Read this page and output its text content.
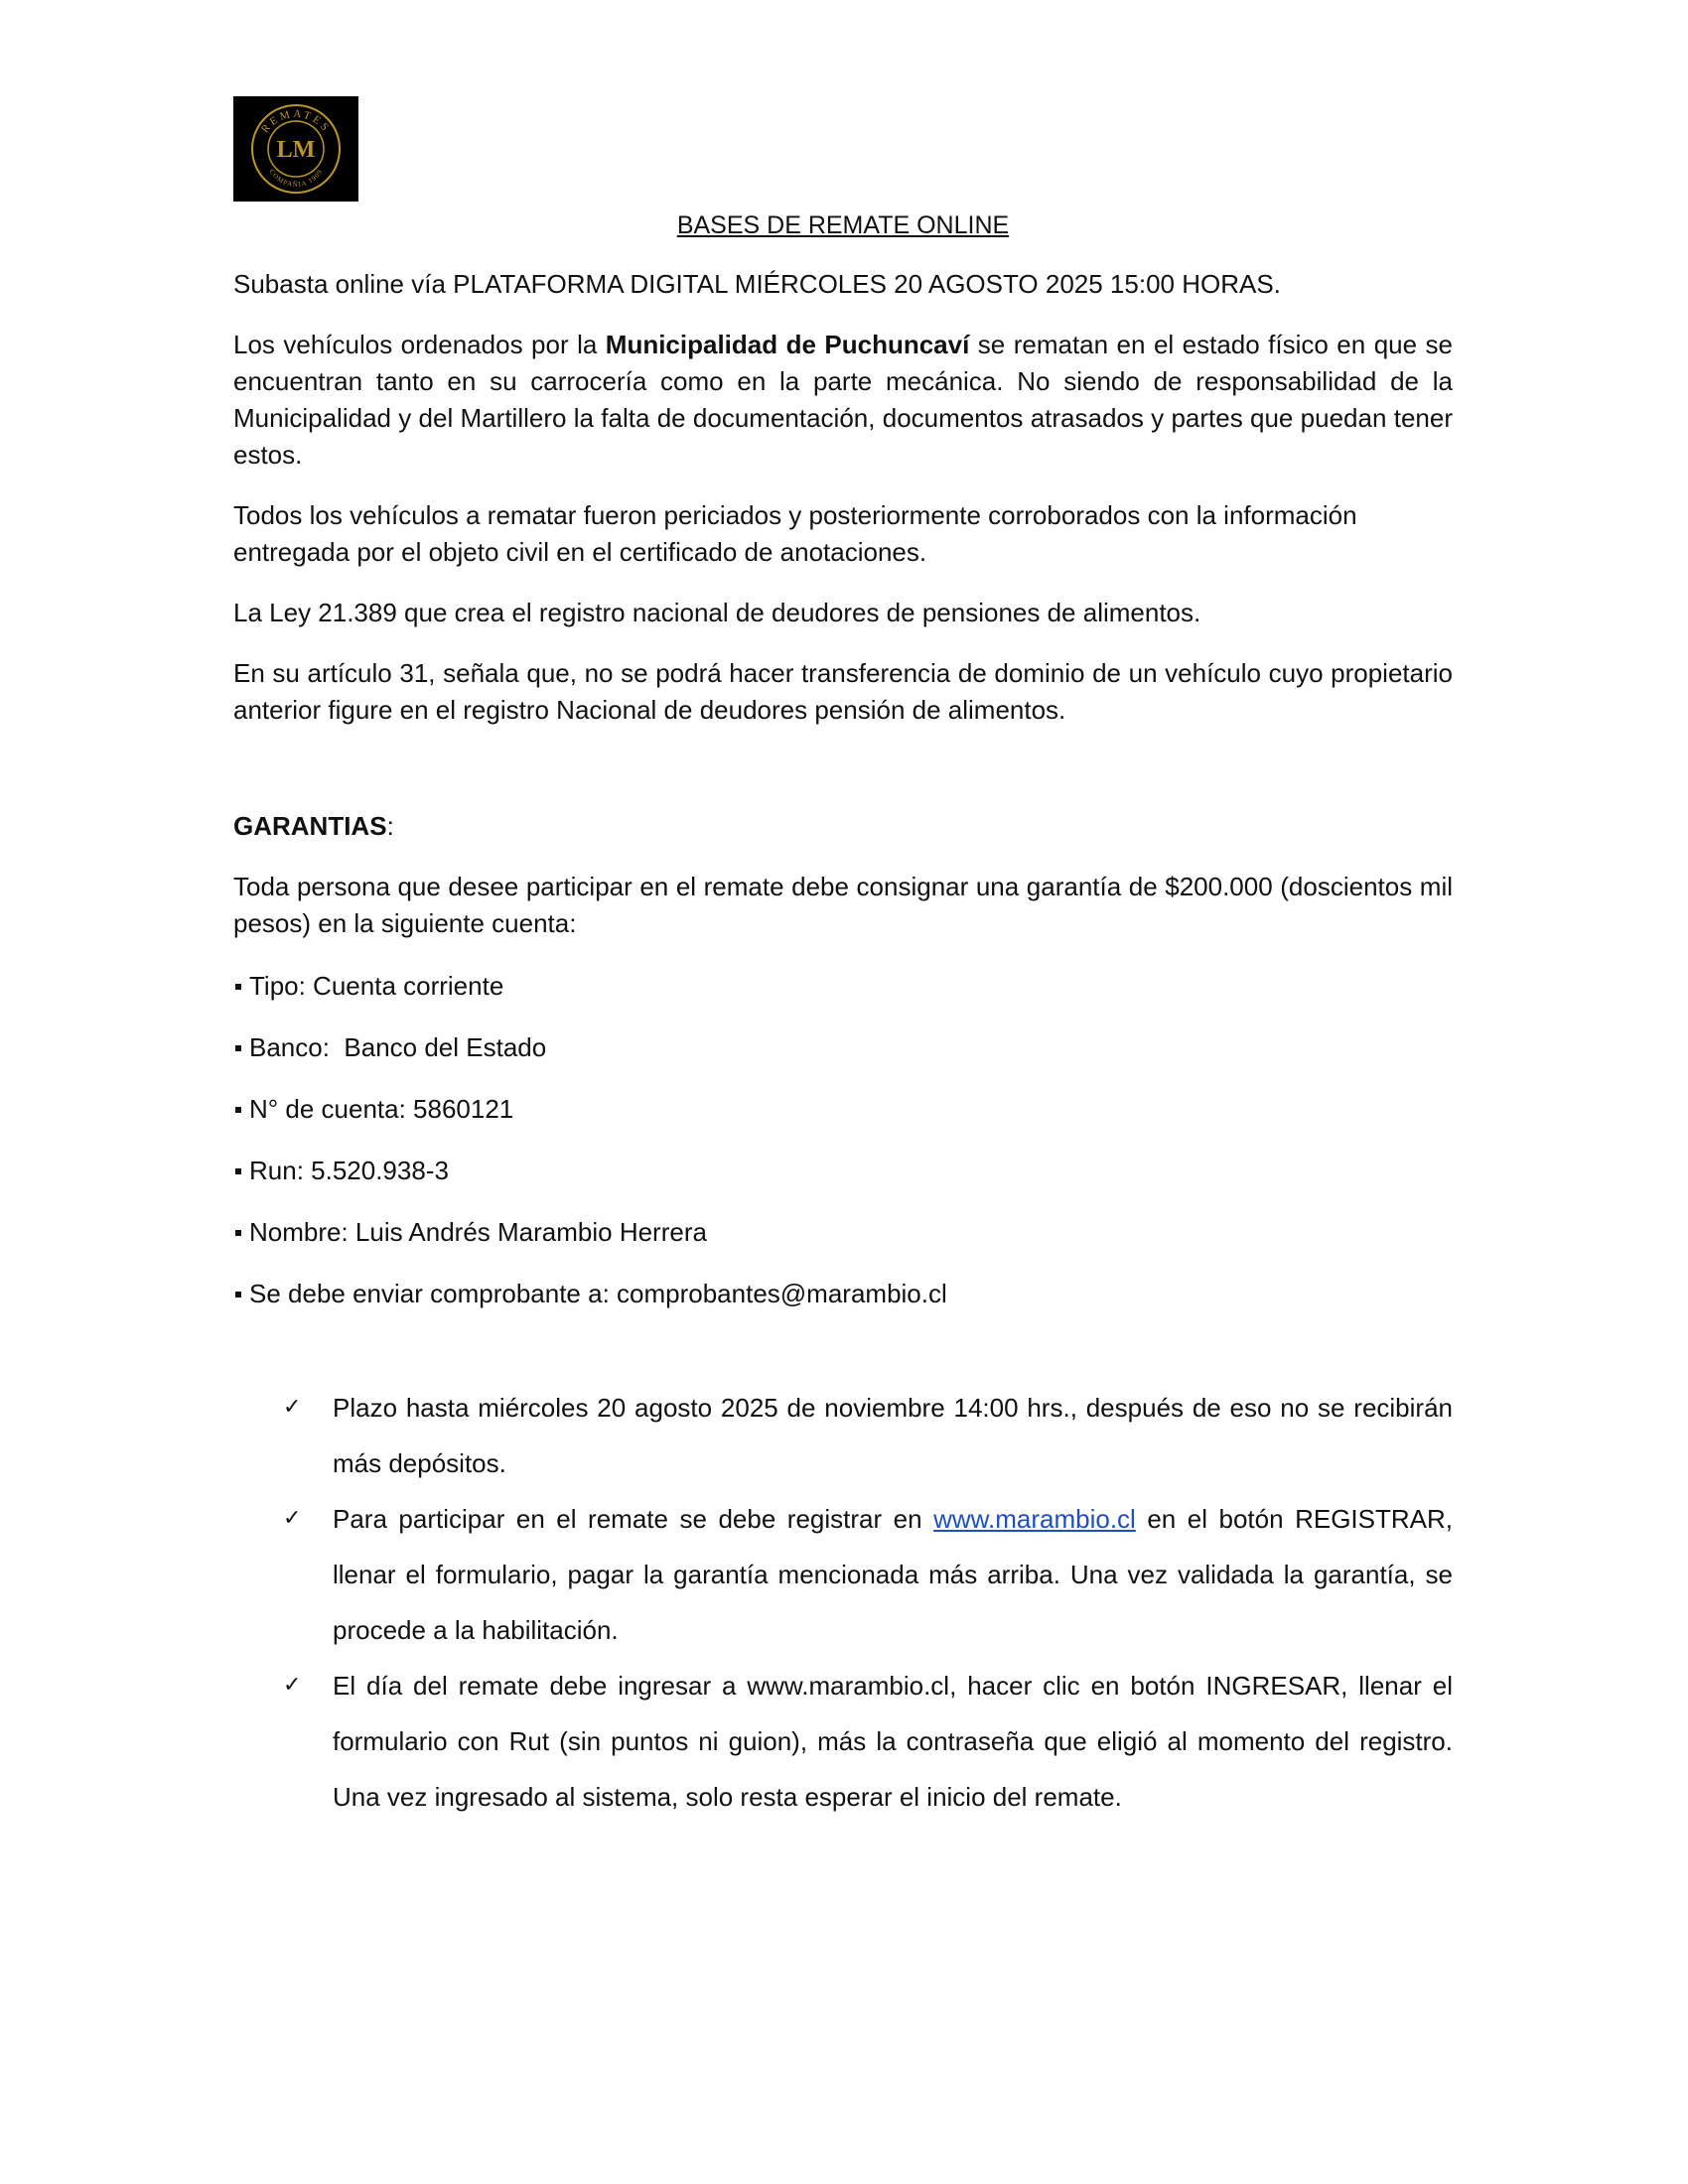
REMATES
LM
COMPAÑIA 1909
BASES DE REMATE ONLINE

Subasta online vía PLATAFORMA DIGITAL MIÉRCOLES 20 AGOSTO 2025 15:00 HORAS.

Los vehículos ordenados por la Municipalidad de Puchuncaví se rematan en el estado físico en que se encuentran tanto en su carrocería como en la parte mecánica. No siendo de responsabilidad de la Municipalidad y del Martillero la falta de documentación, documentos atrasados y partes que puedan tener estos.

Todos los vehículos a rematar fueron periciados y posteriormente corroborados con la información entregada por el objeto civil en el certificado de anotaciones.

La Ley 21.389 que crea el registro nacional de deudores de pensiones de alimentos.

En su artículo 31, señala que, no se podrá hacer transferencia de dominio de un vehículo cuyo propietario anterior figure en el registro Nacional de deudores pensión de alimentos.

GARANTIAS:

Toda persona que desee participar en el remate debe consignar una garantía de $200.000 (doscientos mil pesos) en la siguiente cuenta:

Tipo: Cuenta corriente
Banco:  Banco del Estado
N° de cuenta: 5860121
Run: 5.520.938-3
Nombre: Luis Andrés Marambio Herrera
Se debe enviar comprobante a: comprobantes@marambio.cl
✓	Plazo hasta miércoles 20 agosto 2025 de noviembre 14:00 hrs., después de eso no se recibirán más depósitos.
✓	Para participar en el remate se debe registrar en www.marambio.cl en el botón REGISTRAR, llenar el formulario, pagar la garantía mencionada más arriba. Una vez validada la garantía, se procede a la habilitación.
✓	El día del remate debe ingresar a www.marambio.cl, hacer clic en botón INGRESAR, llenar el formulario con Rut (sin puntos ni guion), más la contraseña que eligió al momento del registro. Una vez ingresado al sistema, solo resta esperar el inicio del remate.
